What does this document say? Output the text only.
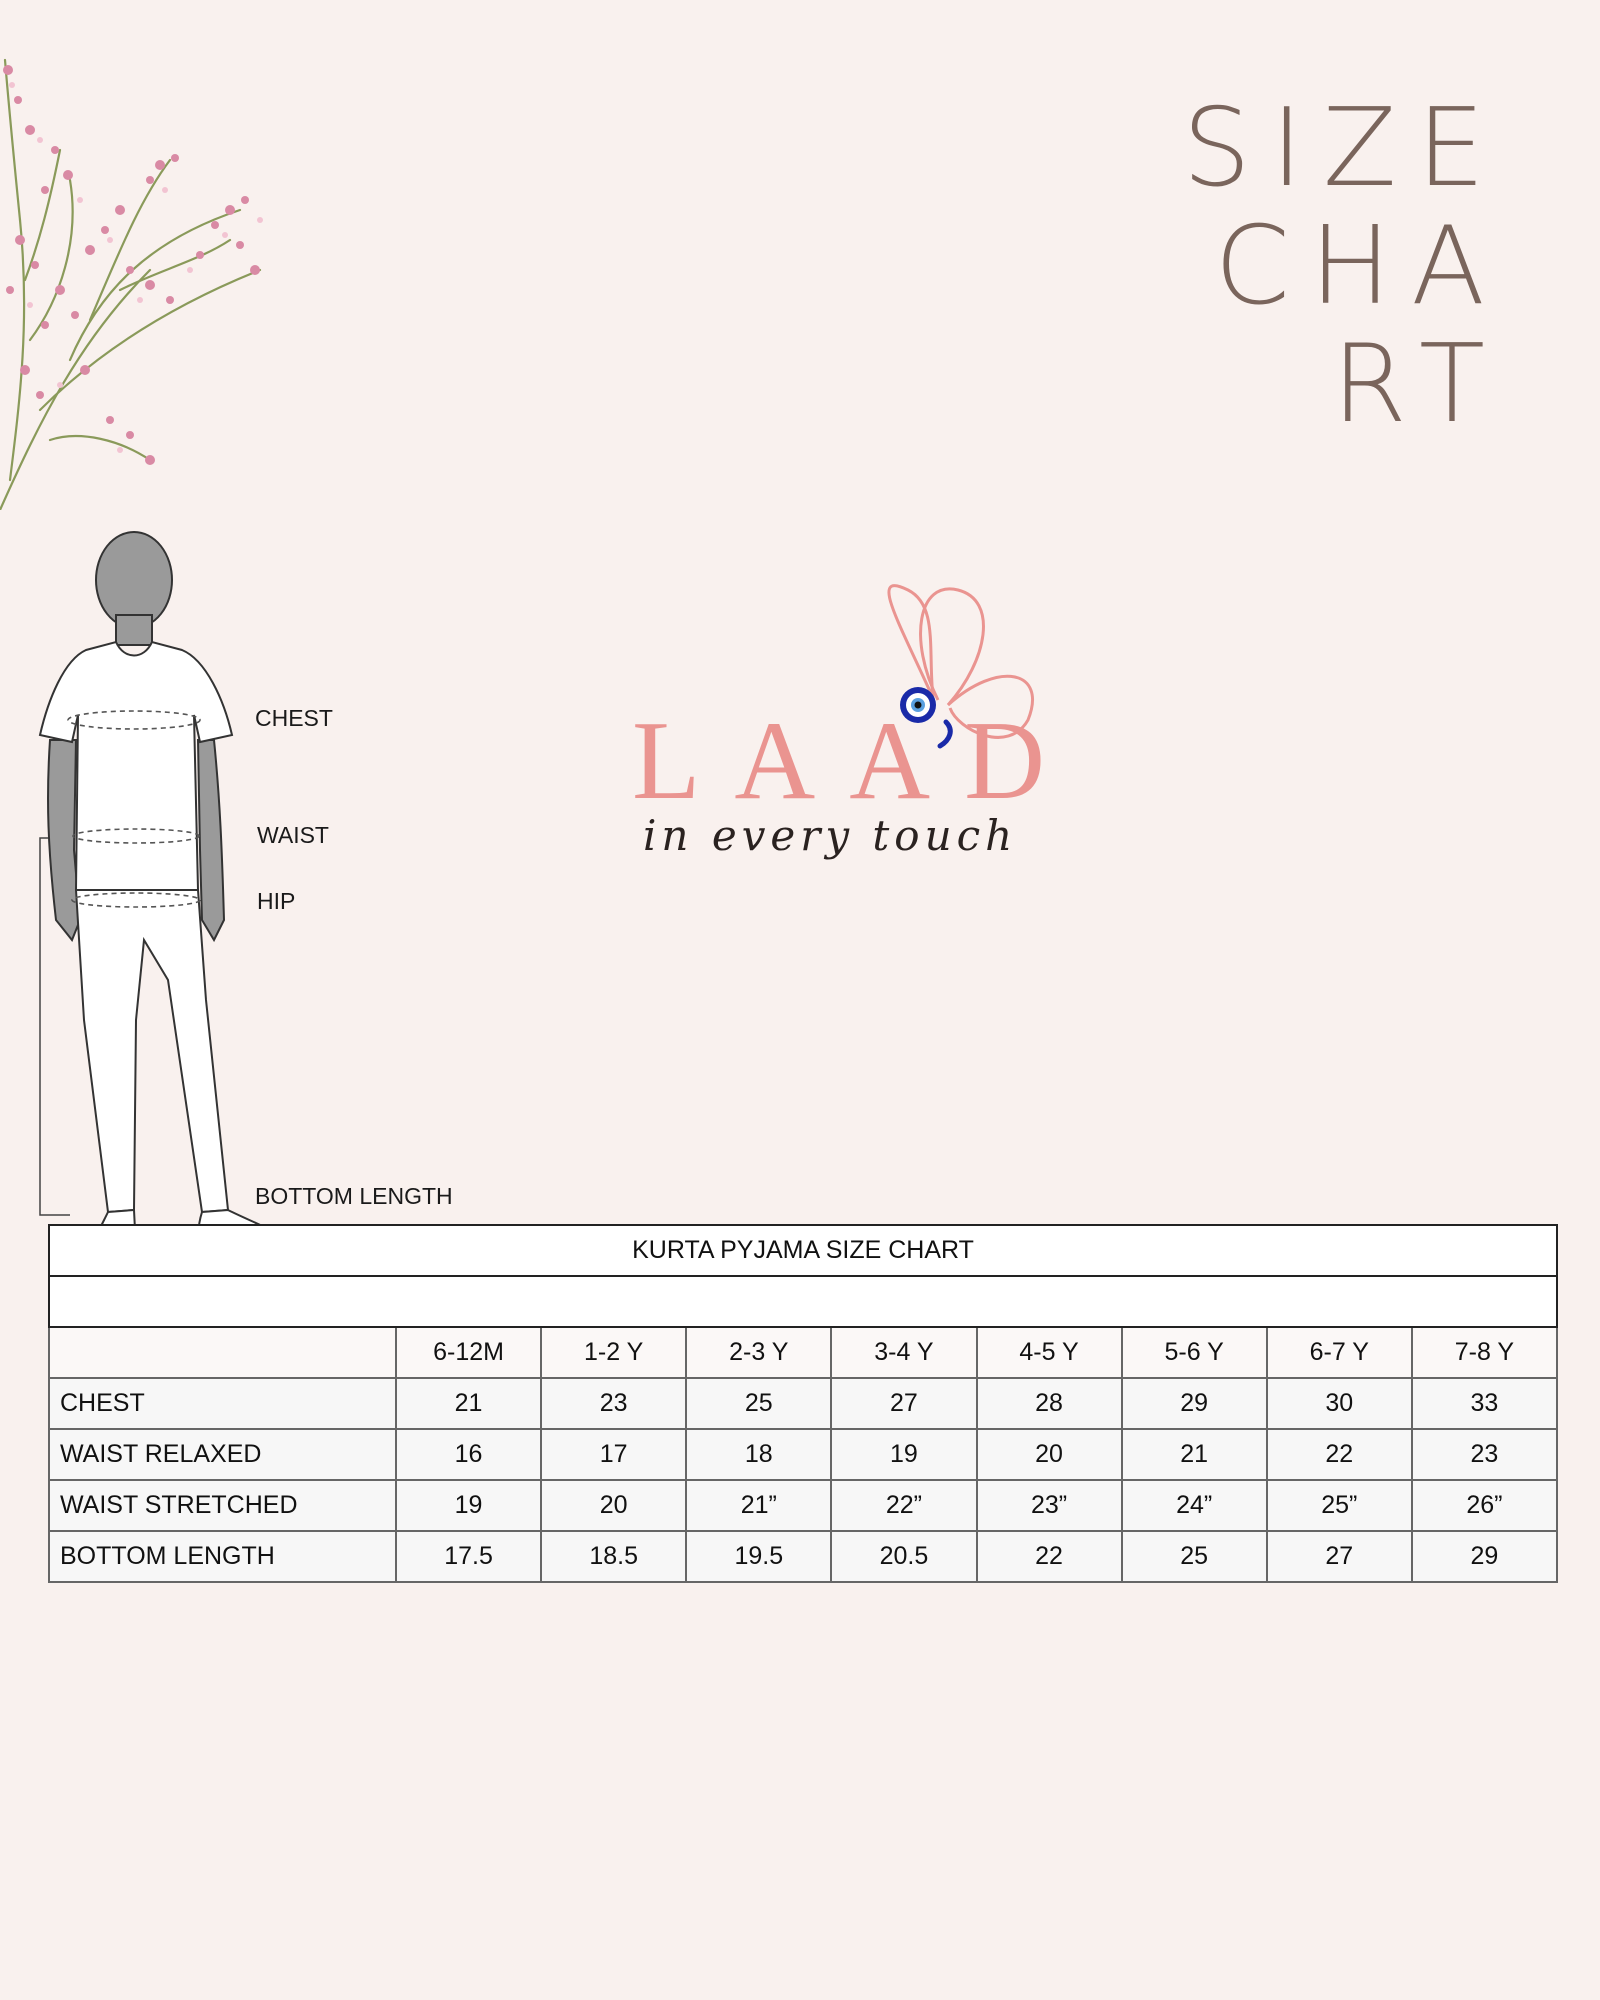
SIZE
CHA
RT
CHEST
WAIST
HIP
BOTTOM LENGTH
LAAD
in every touch
KURTA PYJAMA SIZE CHART								

	6-12M	1-2 Y	2-3 Y	3-4 Y	4-5 Y	5-6 Y	6-7 Y	7-8 Y
CHEST	21	23	25	27	28	29	30	33
WAIST RELAXED	16	17	18	19	20	21	22	23
WAIST STRETCHED	19	20	21”	22”	23”	24”	25”	26”
BOTTOM LENGTH	17.5	18.5	19.5	20.5	22	25	27	29
